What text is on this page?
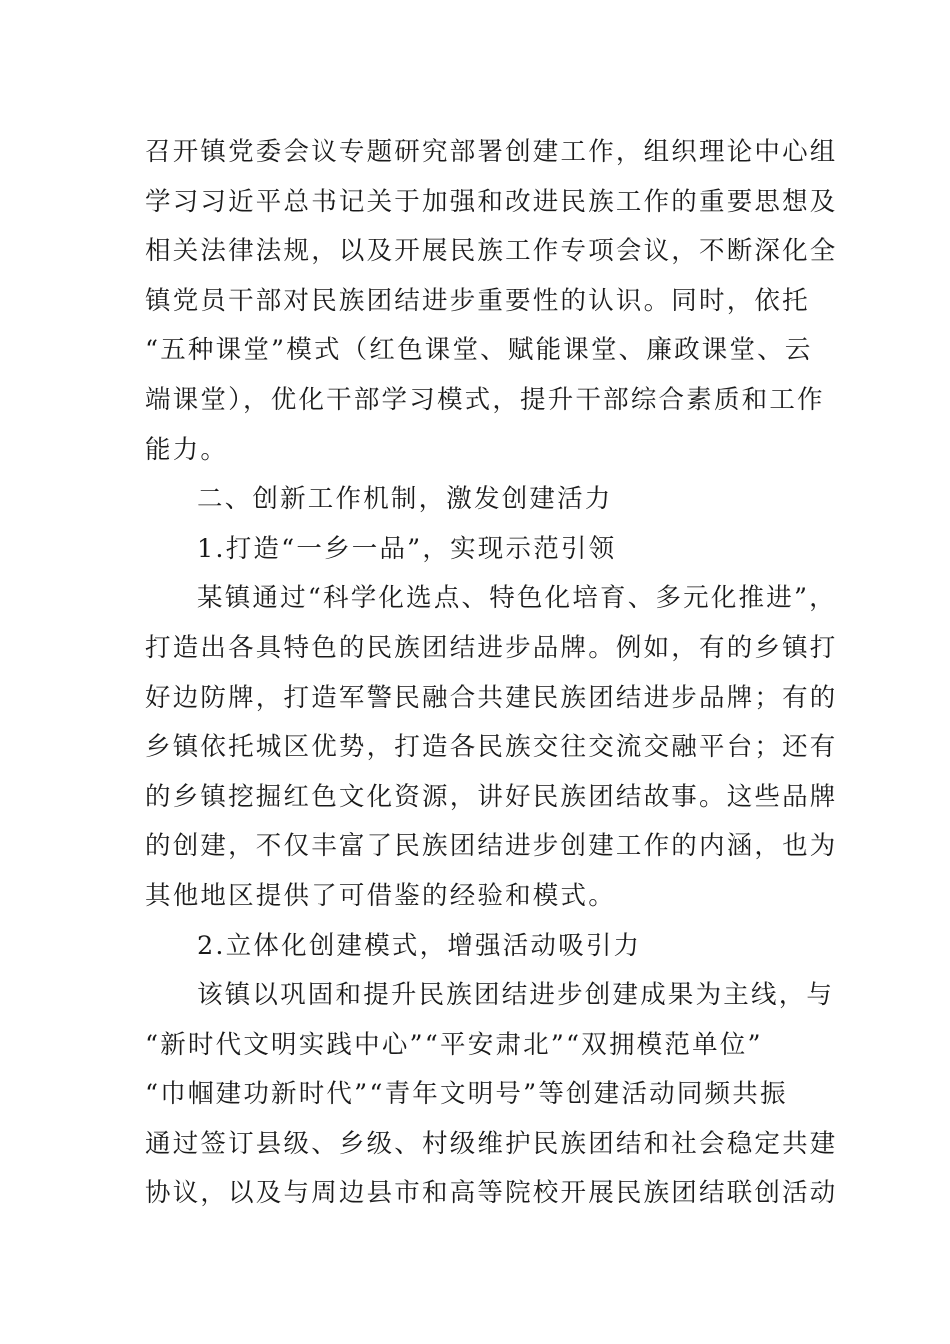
召开镇党委会议专题研究部署创建工作，组织理论中心组
学习习近平总书记关于加强和改进民族工作的重要思想及
相关法律法规，以及开展民族工作专项会议，不断深化全
镇党员干部对民族团结进步重要性的认识。同时，依托
“五种课堂”模式（红色课堂、赋能课堂、廉政课堂、云
端课堂），优化干部学习模式，提升干部综合素质和工作
能力。
二、创新工作机制，激发创建活力
1.打造“一乡一品”，实现示范引领
某镇通过“科学化选点、特色化培育、多元化推进”，
打造出各具特色的民族团结进步品牌。例如，有的乡镇打
好边防牌，打造军警民融合共建民族团结进步品牌；有的
乡镇依托城区优势，打造各民族交往交流交融平台；还有
的乡镇挖掘红色文化资源，讲好民族团结故事。这些品牌
的创建，不仅丰富了民族团结进步创建工作的内涵，也为
其他地区提供了可借鉴的经验和模式。
2.立体化创建模式，增强活动吸引力
该镇以巩固和提升民族团结进步创建成果为主线，与
“新时代文明实践中心”“平安肃北”“双拥模范单位”
“巾帼建功新时代”“青年文明号”等创建活动同频共振
通过签订县级、乡级、村级维护民族团结和社会稳定共建
协议，以及与周边县市和高等院校开展民族团结联创活动
